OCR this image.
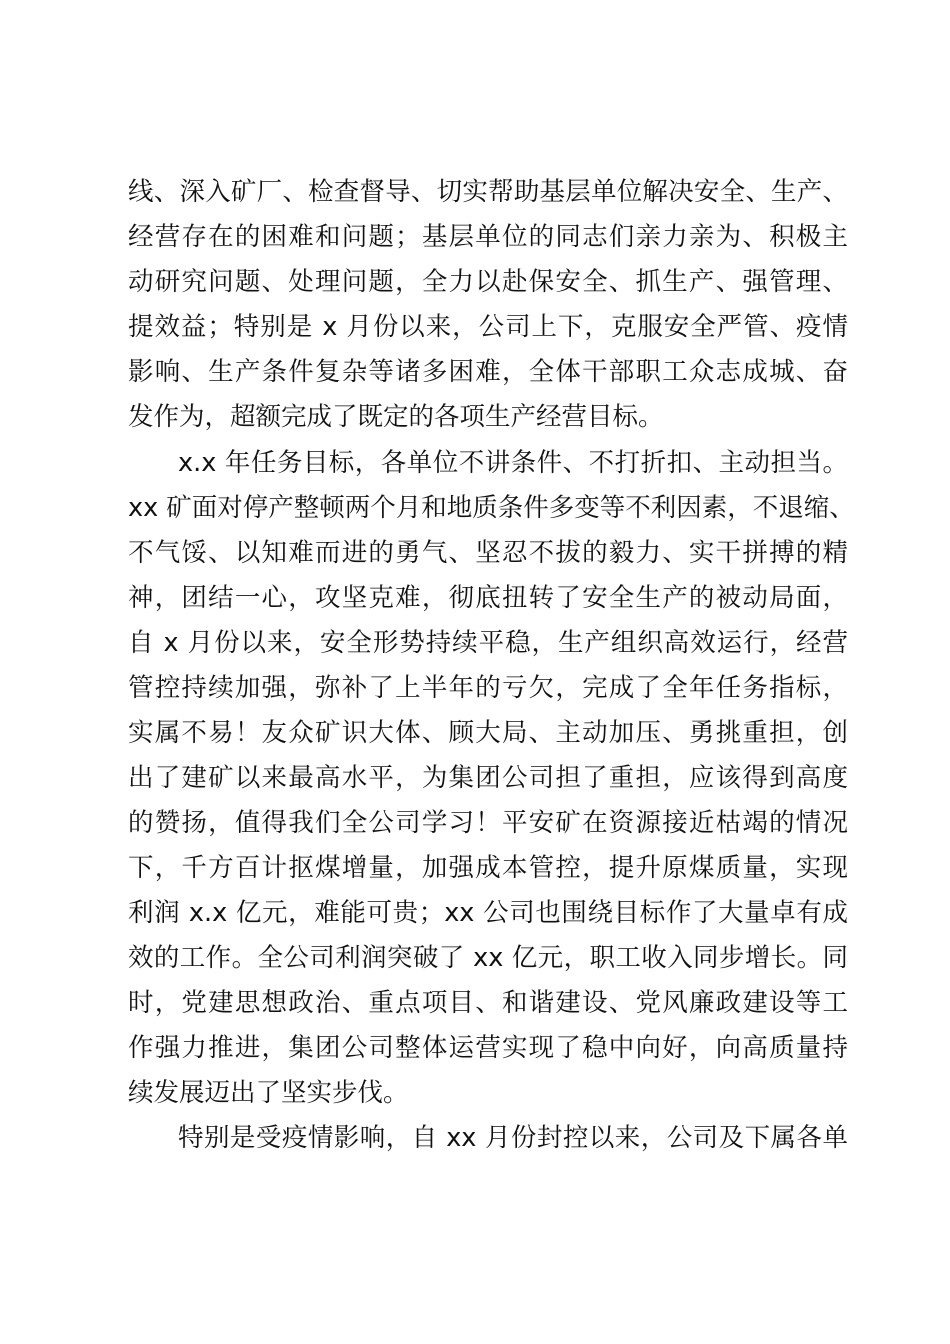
线、深入矿厂、检查督导、切实帮助基层单位解决安全、生产、
经营存在的困难和问题；基层单位的同志们亲力亲为、积极主
动研究问题、处理问题，全力以赴保安全、抓生产、强管理、
提效益；特别是 x 月份以来，公司上下，克服安全严管、疫情
影响、生产条件复杂等诸多困难，全体干部职工众志成城、奋
发作为，超额完成了既定的各项生产经营目标。
x.x 年任务目标，各单位不讲条件、不打折扣、主动担当。
xx 矿面对停产整顿两个月和地质条件多变等不利因素，不退缩、
不气馁、以知难而进的勇气、坚忍不拔的毅力、实干拼搏的精
神，团结一心，攻坚克难，彻底扭转了安全生产的被动局面，
自 x 月份以来，安全形势持续平稳，生产组织高效运行，经营
管控持续加强，弥补了上半年的亏欠，完成了全年任务指标，
实属不易！友众矿识大体、顾大局、主动加压、勇挑重担，创
出了建矿以来最高水平，为集团公司担了重担，应该得到高度
的赞扬，值得我们全公司学习！平安矿在资源接近枯竭的情况
下，千方百计抠煤增量，加强成本管控，提升原煤质量，实现
利润 x.x 亿元，难能可贵；xx 公司也围绕目标作了大量卓有成
效的工作。全公司利润突破了 xx 亿元，职工收入同步增长。同
时，党建思想政治、重点项目、和谐建设、党风廉政建设等工
作强力推进，集团公司整体运营实现了稳中向好，向高质量持
续发展迈出了坚实步伐。
特别是受疫情影响，自 xx 月份封控以来，公司及下属各单
